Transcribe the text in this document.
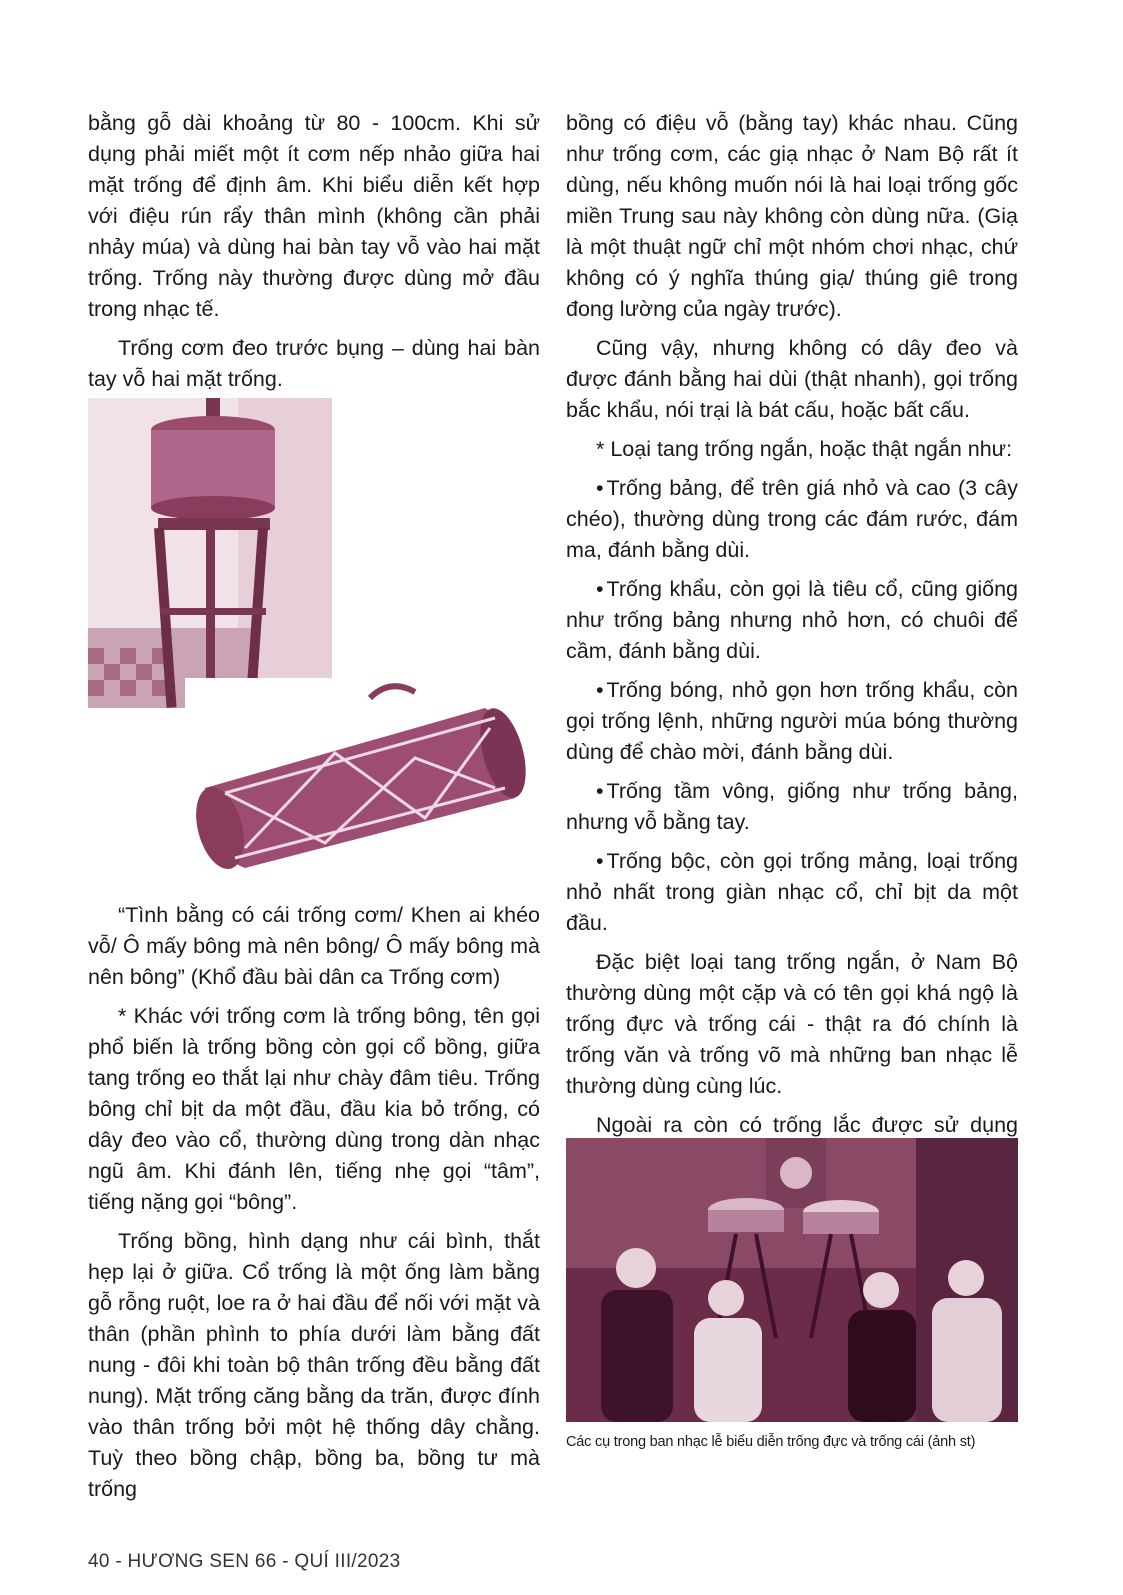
bằng gỗ dài khoảng từ 80 - 100cm. Khi sử dụng phải miết một ít cơm nếp nhảo giữa hai mặt trống để định âm. Khi biểu diễn kết hợp với điệu rún rẩy thân mình (không cần phải nhảy múa) và dùng hai bàn tay vỗ vào hai mặt trống. Trống này thường được dùng mở đầu trong nhạc tế.

Trống cơm đeo trước bụng – dùng hai bàn tay vỗ hai mặt trống.

“Tình bằng có cái trống cơm/ Khen ai khéo vỗ/ Ô mấy bông mà nên bông/ Ô mấy bông mà nên bông” (Khổ đầu bài dân ca Trống cơm)

* Khác với trống cơm là trống bông, tên gọi phổ biến là trống bồng còn gọi cổ bồng, giữa tang trống eo thắt lại như chày đâm tiêu. Trống bông chỉ bịt da một đầu, đầu kia bỏ trống, có dây đeo vào cổ, thường dùng trong dàn nhạc ngũ âm. Khi đánh lên, tiếng nhẹ gọi “tâm”, tiếng nặng gọi “bông”.

Trống bồng, hình dạng như cái bình, thắt hẹp lại ở giữa. Cổ trống là một ống làm bằng gỗ rỗng ruột, loe ra ở hai đầu để nối với mặt và thân (phần phình to phía dưới làm bằng đất nung - đôi khi toàn bộ thân trống đều bằng đất nung). Mặt trống căng bằng da trăn, được đính vào thân trống bởi một hệ thống dây chằng. Tuỳ theo bồng chập, bồng ba, bồng tư mà trống

bồng có điệu vỗ (bằng tay) khác nhau. Cũng như trống cơm, các giạ nhạc ở Nam Bộ rất ít dùng, nếu không muốn nói là hai loại trống gốc miền Trung sau này không còn dùng nữa. (Giạ là một thuật ngữ chỉ một nhóm chơi nhạc, chứ không có ý nghĩa thúng giạ/ thúng giê trong đong lường của ngày trước).

Cũng vậy, nhưng không có dây đeo và được đánh bằng hai dùi (thật nhanh), gọi trống bắc khẩu, nói trại là bát cấu, hoặc bất cấu.

* Loại tang trống ngắn, hoặc thật ngắn như:

• Trống bảng, để trên giá nhỏ và cao (3 cây chéo), thường dùng trong các đám rước, đám ma, đánh bằng dùi.

• Trống khẩu, còn gọi là tiêu cổ, cũng giống như trống bảng nhưng nhỏ hơn, có chuôi để cầm, đánh bằng dùi.

• Trống bóng, nhỏ gọn hơn trống khẩu, còn gọi trống lệnh, những người múa bóng thường dùng để chào mời, đánh bằng dùi.

• Trống tầm vông, giống như trống bảng, nhưng vỗ bằng tay.

• Trống bộc, còn gọi trống mảng, loại trống nhỏ nhất trong giàn nhạc cổ, chỉ bịt da một đầu.

Đặc biệt loại tang trống ngắn, ở Nam Bộ thường dùng một cặp và có tên gọi khá ngộ là trống đực và trống cái - thật ra đó chính là trống văn và trống võ mà những ban nhạc lễ thường dùng cùng lúc.

Ngoài ra còn có trống lắc được sử dụng

Các cụ trong ban nhạc lễ biểu diễn trống đực và trống cái (ảnh st)
40 - HƯƠNG SEN 66 - QUÍ III/2023
